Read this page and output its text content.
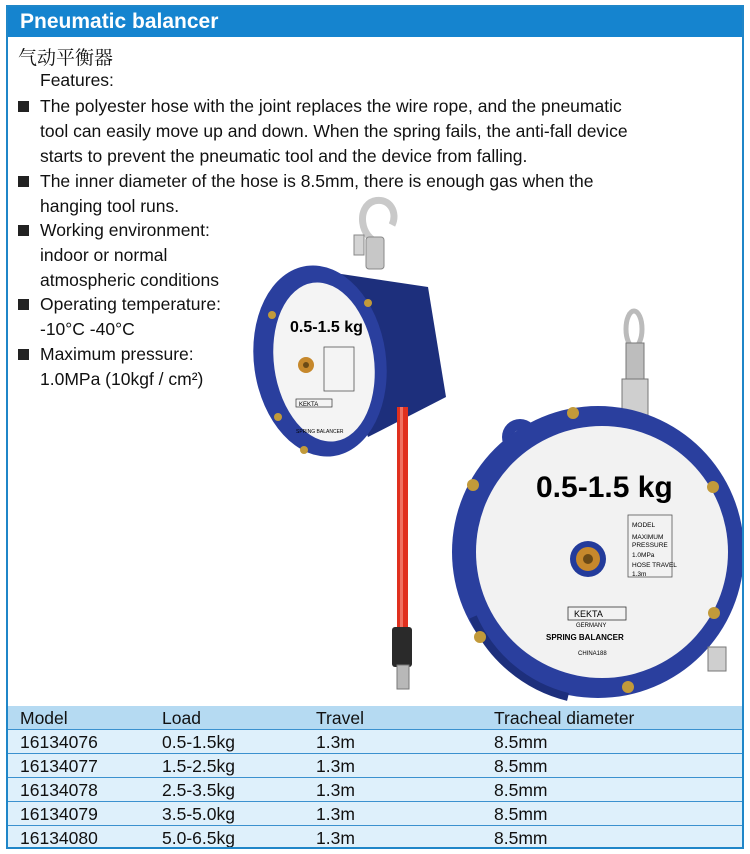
Pneumatic balancer
气动平衡器
Features:
0.5-1.5 kg
KEKTA
SPRING BALANCER
0.5-1.5 kg
MODEL
MAXIMUM
PRESSURE
1.0MPa
HOSE TRAVEL
1.3m
KEKTA
GERMANY
SPRING BALANCER
CHINA188
The polyester hose with the joint replaces the wire rope, and the pneumatic
tool can easily move up and down. When the spring fails, the anti-fall device
starts to prevent the pneumatic tool and the device from falling.
The inner diameter of the hose is 8.5mm, there is enough gas when the
hanging tool runs.
Working environment:
indoor or normal
atmospheric conditions
Operating temperature:
-10°C -40°C
Maximum pressure:
1.0MPa (10kgf / cm²)
Model	Load	Travel	Tracheal diameter
16134076	0.5-1.5kg	1.3m	8.5mm
16134077	1.5-2.5kg	1.3m	8.5mm
16134078	2.5-3.5kg	1.3m	8.5mm
16134079	3.5-5.0kg	1.3m	8.5mm
16134080	5.0-6.5kg	1.3m	8.5mm
